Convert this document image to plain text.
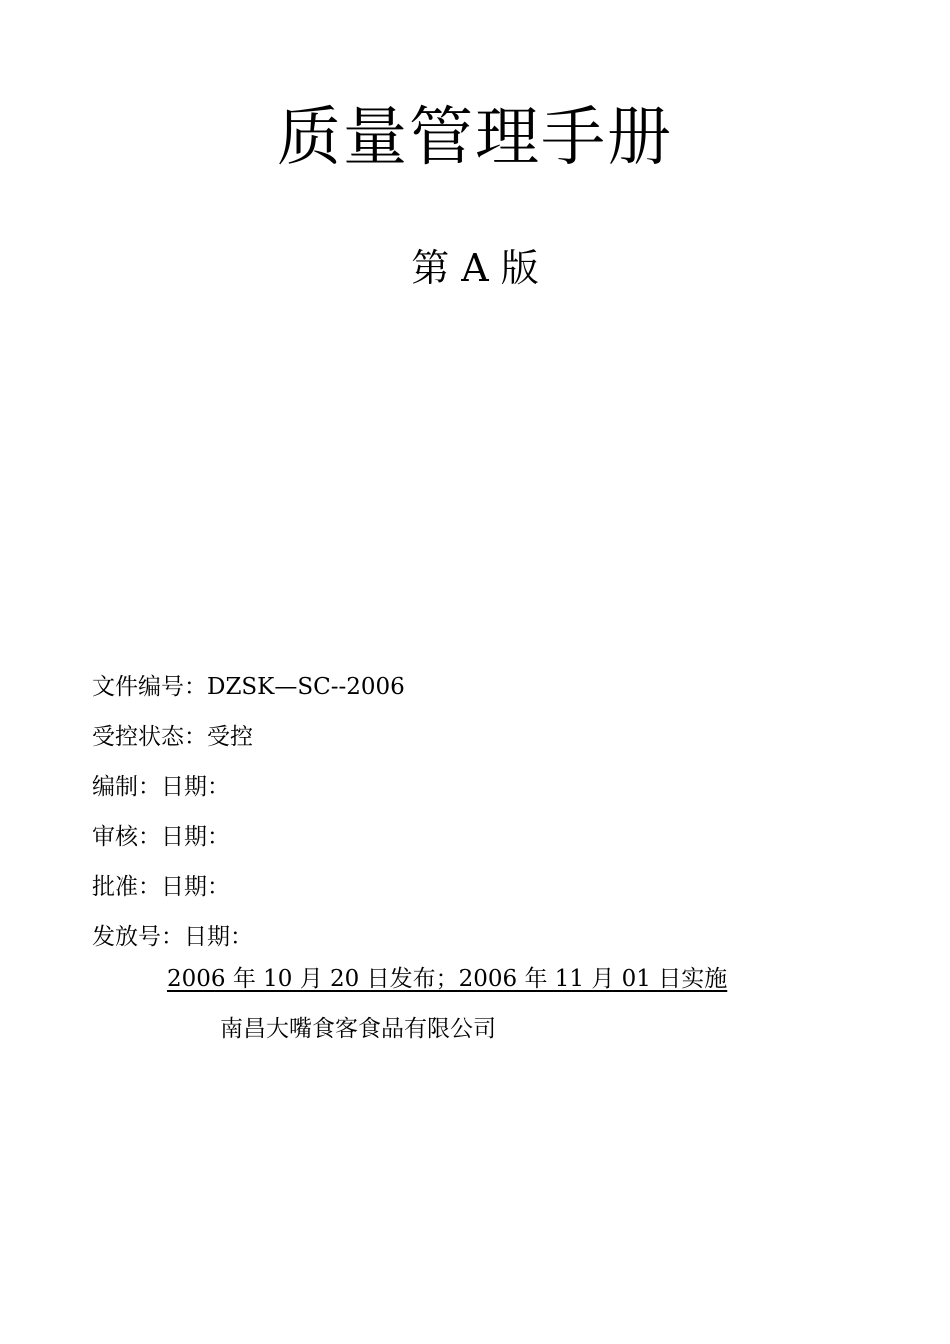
质量管理手册
第 A 版
文件编号：DZSK—SC--2006
受控状态：受控
编制：日期：
审核：日期：
批准：日期：
发放号：日期：
2006 年 10 月 20 日发布；2006 年 11 月 01 日实施
南昌大嘴食客食品有限公司
